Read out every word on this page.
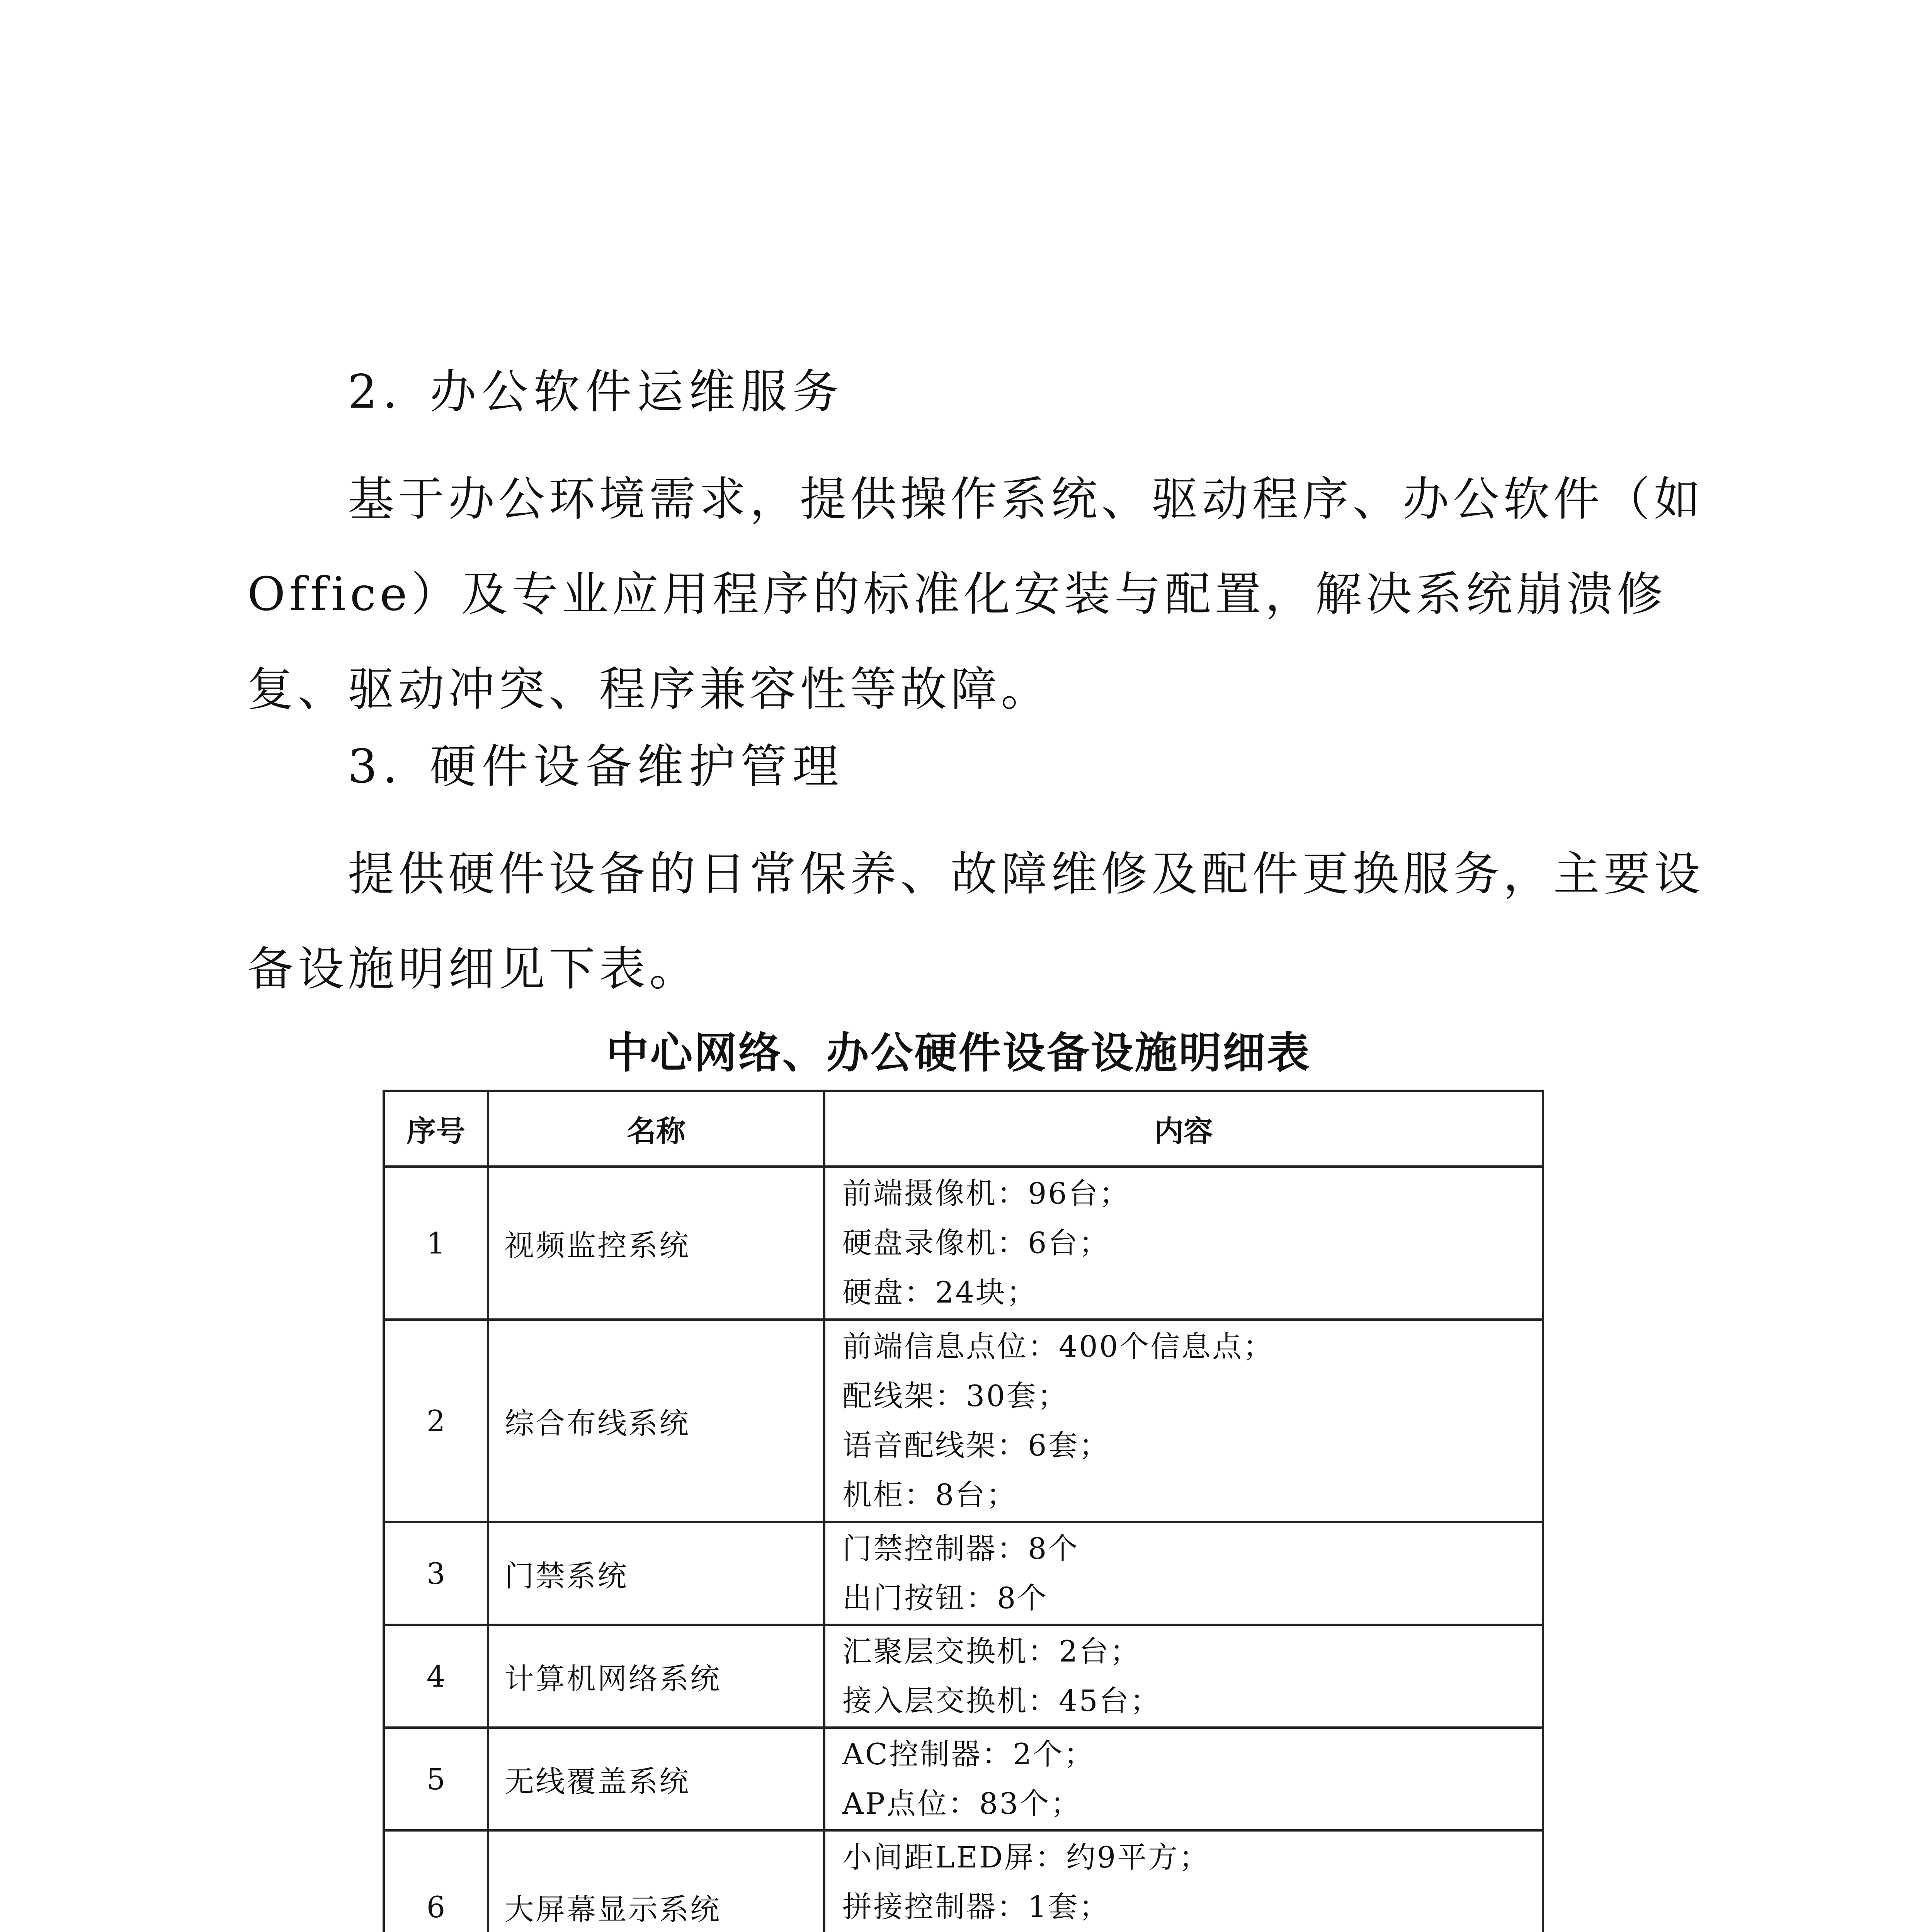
2. 办公软件运维服务

基于办公环境需求，提供操作系统、驱动程序、办公软件（如Office）及专业应用程序的标准化安装与配置，解决系统崩溃修复、驱动冲突、程序兼容性等故障。

3. 硬件设备维护管理

提供硬件设备的日常保养、故障维修及配件更换服务，主要设备设施明细见下表。

中心网络、办公硬件设备设施明细表
序号	名称	内容
1	视频监控系统	前端摄像机：96台；
硬盘录像机：6台；
硬盘：24块；

2	综合布线系统	前端信息点位：400个信息点；
配线架：30套；
语音配线架：6套；
机柜：8台；

3	门禁系统	门禁控制器：8个
出门按钮：8个

4	计算机网络系统	汇聚层交换机：2台；
接入层交换机：45台；

5	无线覆盖系统	AC控制器：2个；
AP点位：83个；

6	大屏幕显示系统	小间距LED屏：约9平方；
拼接控制器：1套；
